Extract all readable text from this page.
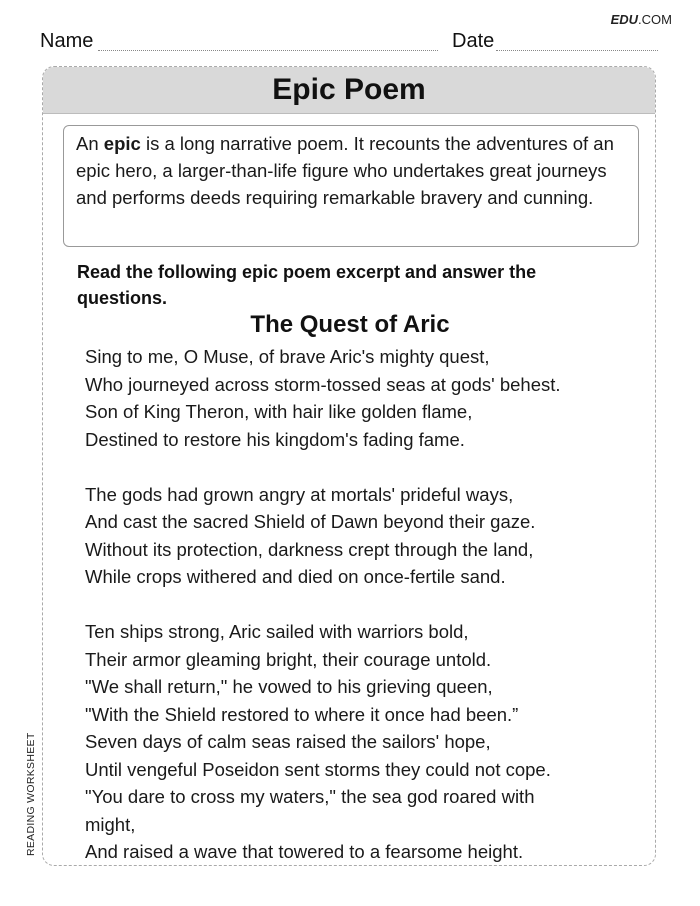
EDU.COM
Name	Date
Epic Poem
An epic is a long narrative poem. It recounts the adventures of an epic hero, a larger-than-life figure who undertakes great journeys and performs deeds requiring remarkable bravery and cunning.
Read the following epic poem excerpt and answer the questions.
The Quest of Aric
Sing to me, O Muse, of brave Aric's mighty quest,
Who journeyed across storm-tossed seas at gods' behest.
Son of King Theron, with hair like golden flame,
Destined to restore his kingdom's fading fame.
The gods had grown angry at mortals' prideful ways,
And cast the sacred Shield of Dawn beyond their gaze.
Without its protection, darkness crept through the land,
While crops withered and died on once-fertile sand.
Ten ships strong, Aric sailed with warriors bold,
Their armor gleaming bright, their courage untold.
"We shall return," he vowed to his grieving queen,
"With the Shield restored to where it once had been.”
Seven days of calm seas raised the sailors' hope,
Until vengeful Poseidon sent storms they could not cope.
"You dare to cross my waters," the sea god roared with
might,
And raised a wave that towered to a fearsome height.
READING WORKSHEET
